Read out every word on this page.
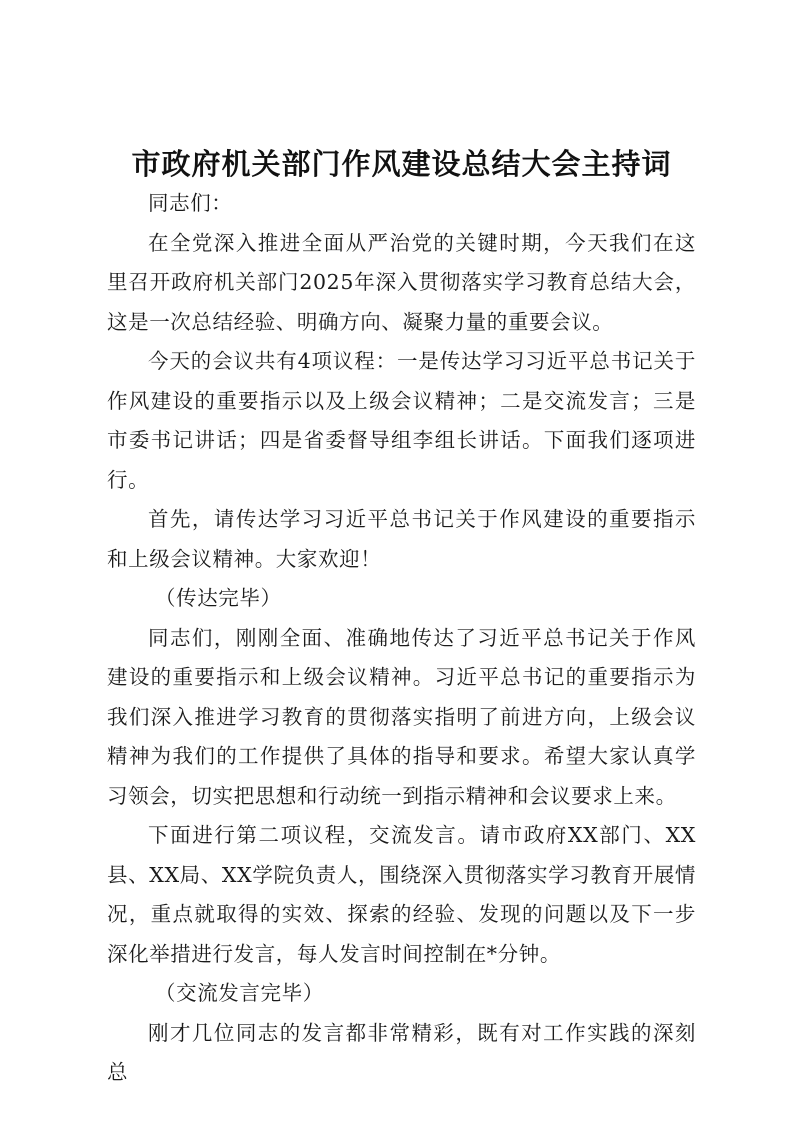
市政府机关部门作风建设总结大会主持词

同志们：

在全党深入推进全面从严治党的关键时期，今天我们在这里召开政府机关部门2025年深入贯彻落实学习教育总结大会，这是一次总结经验、明确方向、凝聚力量的重要会议。

今天的会议共有4项议程：一是传达学习习近平总书记关于作风建设的重要指示以及上级会议精神；二是交流发言；三是市委书记讲话；四是省委督导组李组长讲话。下面我们逐项进行。

首先，请传达学习习近平总书记关于作风建设的重要指示和上级会议精神。大家欢迎！

（传达完毕）

同志们，刚刚全面、准确地传达了习近平总书记关于作风建设的重要指示和上级会议精神。习近平总书记的重要指示为我们深入推进学习教育的贯彻落实指明了前进方向，上级会议精神为我们的工作提供了具体的指导和要求。希望大家认真学习领会，切实把思想和行动统一到指示精神和会议要求上来。

下面进行第二项议程，交流发言。请市政府XX部门、XX县、XX局、XX学院负责人，围绕深入贯彻落实学习教育开展情况，重点就取得的实效、探索的经验、发现的问题以及下一步深化举措进行发言，每人发言时间控制在*分钟。

（交流发言完毕）

刚才几位同志的发言都非常精彩，既有对工作实践的深刻总
